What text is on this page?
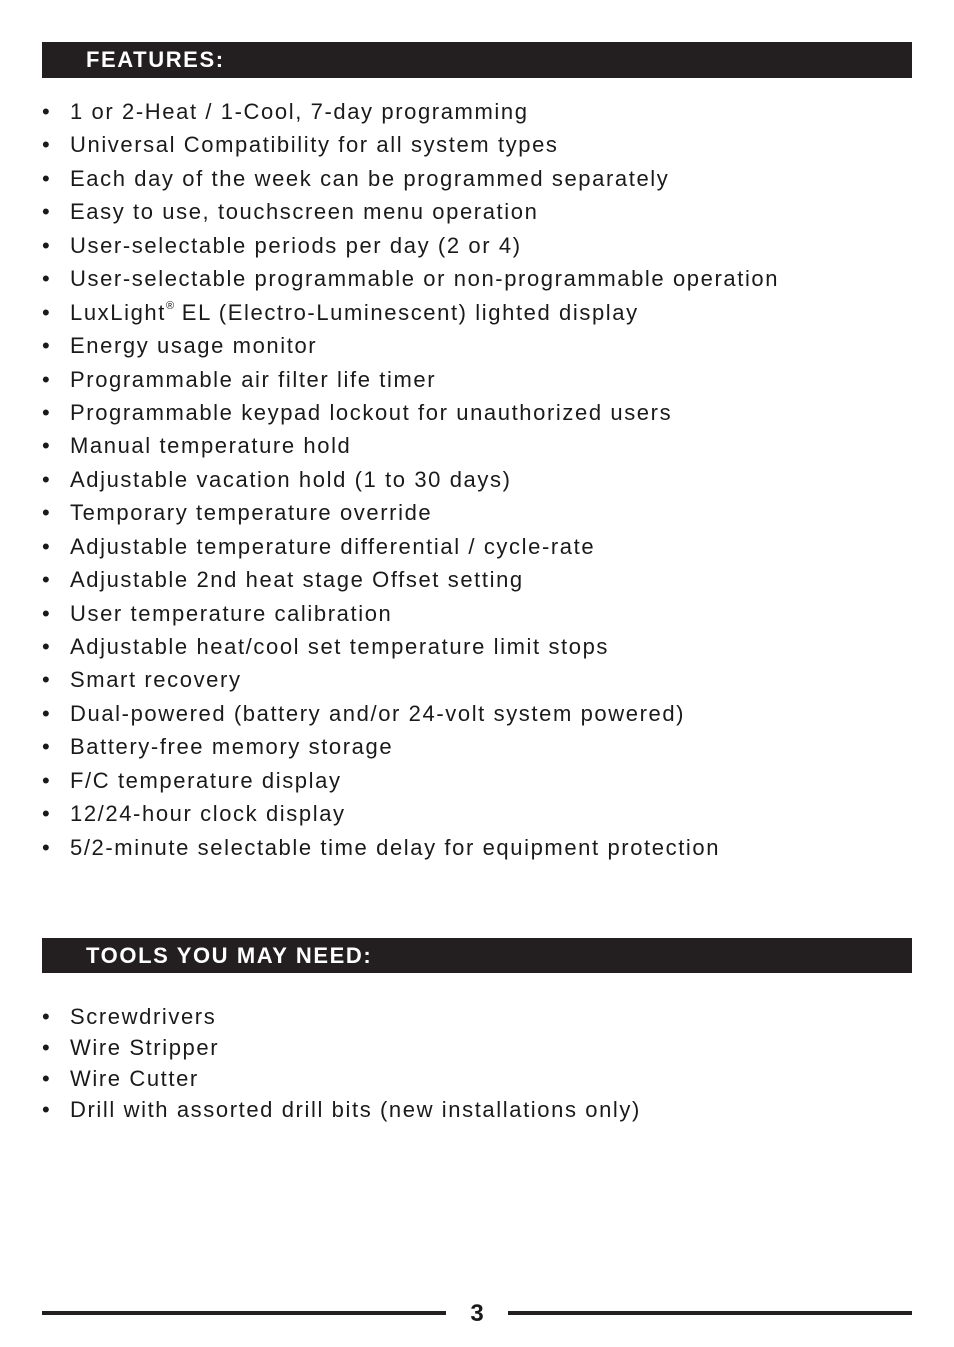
FEATURES:
• 1 or 2-Heat / 1-Cool, 7-day programming
• Universal Compatibility for all system types
• Each day of the week can be programmed separately
• Easy to use, touchscreen menu operation
• User-selectable periods per day (2 or 4)
• User-selectable programmable or non-programmable operation
• LuxLight® EL (Electro-Luminescent) lighted display
• Energy usage monitor
• Programmable air filter life timer
• Programmable keypad lockout for unauthorized users
• Manual temperature hold
• Adjustable vacation hold (1 to 30 days)
• Temporary temperature override
• Adjustable temperature differential / cycle-rate
• Adjustable 2nd heat stage Offset setting
• User temperature calibration
• Adjustable heat/cool set temperature limit stops
• Smart recovery
• Dual-powered (battery and/or 24-volt system powered)
• Battery-free memory storage
• F/C temperature display
• 12/24-hour clock display
• 5/2-minute selectable time delay for equipment protection
TOOLS YOU MAY NEED:
• Screwdrivers
• Wire Stripper
• Wire Cutter
• Drill with assorted drill bits (new installations only)
3
